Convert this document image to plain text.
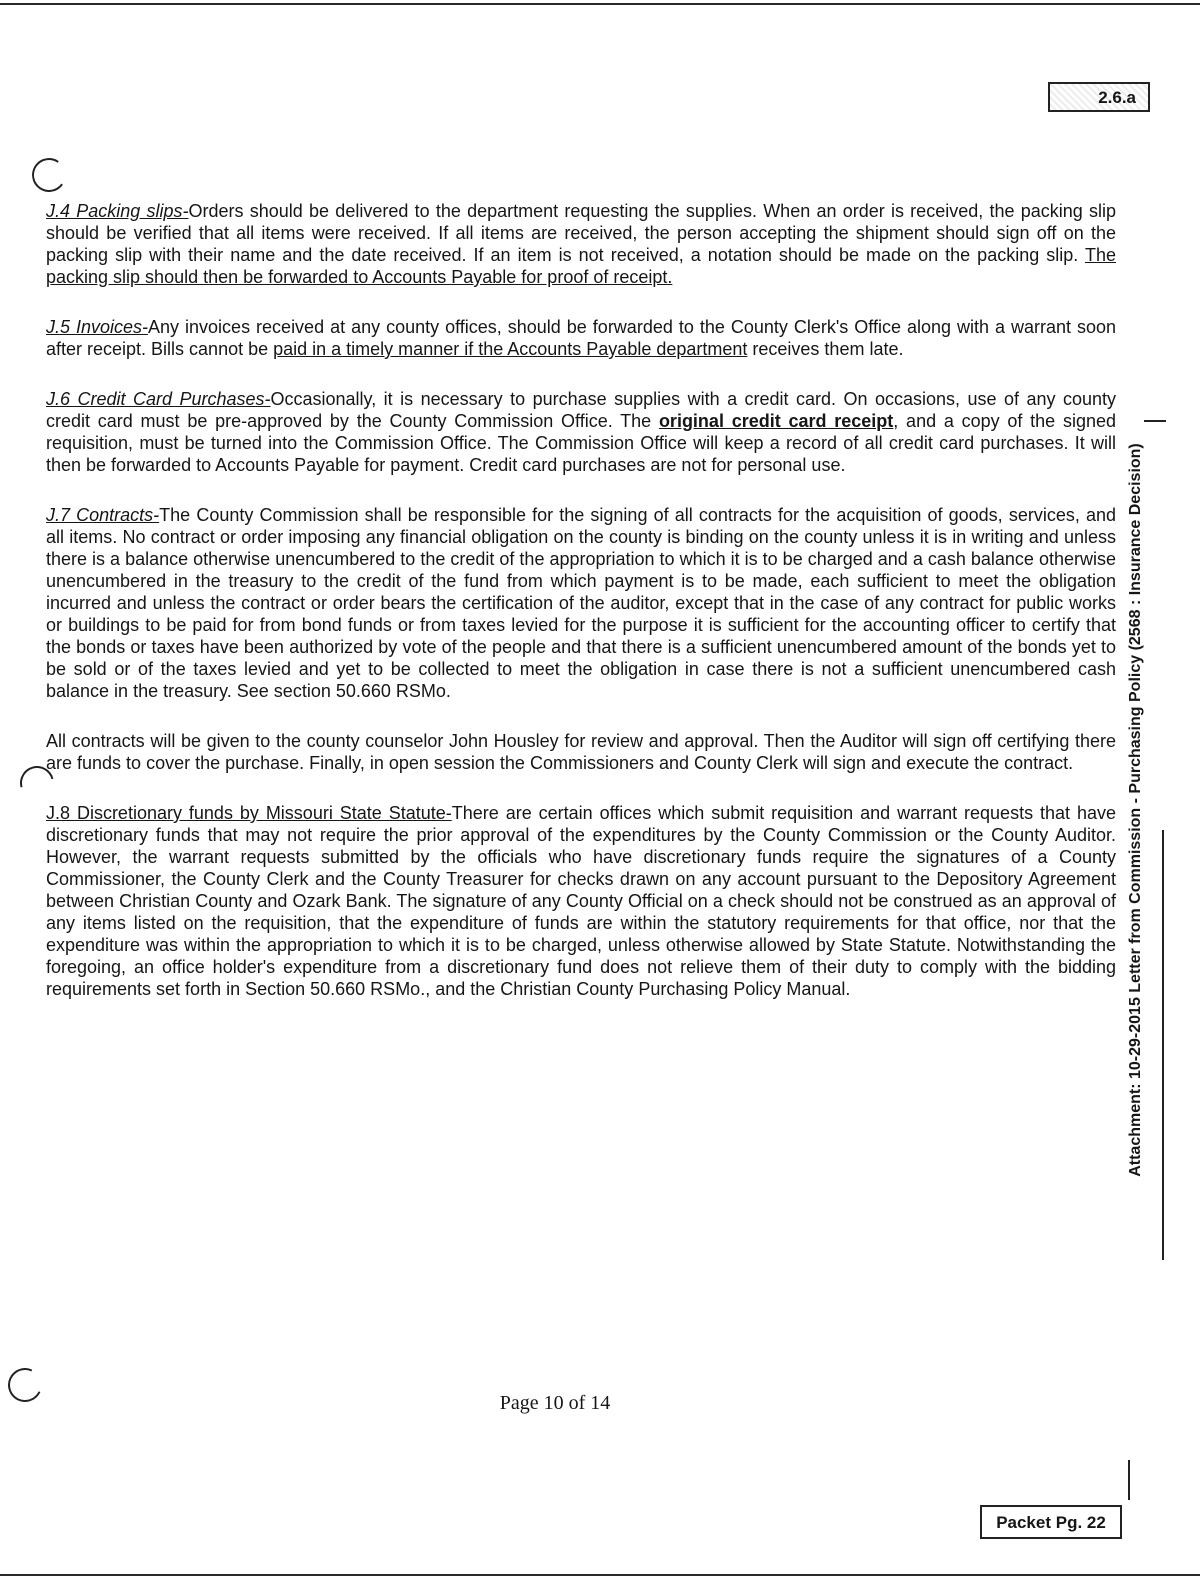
2.6.a

J.4 Packing slips-Orders should be delivered to the department requesting the supplies. When an order is received, the packing slip should be verified that all items were received. If all items are received, the person accepting the shipment should sign off on the packing slip with their name and the date received. If an item is not received, a notation should be made on the packing slip. The packing slip should then be forwarded to Accounts Payable for proof of receipt.

J.5 Invoices-Any invoices received at any county offices, should be forwarded to the County Clerk's Office along with a warrant soon after receipt. Bills cannot be paid in a timely manner if the Accounts Payable department receives them late.

J.6 Credit Card Purchases-Occasionally, it is necessary to purchase supplies with a credit card. On occasions, use of any county credit card must be pre-approved by the County Commission Office. The original credit card receipt, and a copy of the signed requisition, must be turned into the Commission Office. The Commission Office will keep a record of all credit card purchases. It will then be forwarded to Accounts Payable for payment. Credit card purchases are not for personal use.

J.7 Contracts-The County Commission shall be responsible for the signing of all contracts for the acquisition of goods, services, and all items. No contract or order imposing any financial obligation on the county is binding on the county unless it is in writing and unless there is a balance otherwise unencumbered to the credit of the appropriation to which it is to be charged and a cash balance otherwise unencumbered in the treasury to the credit of the fund from which payment is to be made, each sufficient to meet the obligation incurred and unless the contract or order bears the certification of the auditor, except that in the case of any contract for public works or buildings to be paid for from bond funds or from taxes levied for the purpose it is sufficient for the accounting officer to certify that the bonds or taxes have been authorized by vote of the people and that there is a sufficient unencumbered amount of the bonds yet to be sold or of the taxes levied and yet to be collected to meet the obligation in case there is not a sufficient unencumbered cash balance in the treasury. See section 50.660 RSMo.

All contracts will be given to the county counselor John Housley for review and approval. Then the Auditor will sign off certifying there are funds to cover the purchase. Finally, in open session the Commissioners and County Clerk will sign and execute the contract.

J.8 Discretionary funds by Missouri State Statute-There are certain offices which submit requisition and warrant requests that have discretionary funds that may not require the prior approval of the expenditures by the County Commission or the County Auditor. However, the warrant requests submitted by the officials who have discretionary funds require the signatures of a County Commissioner, the County Clerk and the County Treasurer for checks drawn on any account pursuant to the Depository Agreement between Christian County and Ozark Bank. The signature of any County Official on a check should not be construed as an approval of any items listed on the requisition, that the expenditure of funds are within the statutory requirements for that office, nor that the expenditure was within the appropriation to which it is to be charged, unless otherwise allowed by State Statute. Notwithstanding the foregoing, an office holder's expenditure from a discretionary fund does not relieve them of their duty to comply with the bidding requirements set forth in Section 50.660 RSMo., and the Christian County Purchasing Policy Manual.

Page 10 of 14
Attachment: 10-29-2015 Letter from Commission - Purchasing Policy (2568 : Insurance Decision)
Packet Pg. 22
